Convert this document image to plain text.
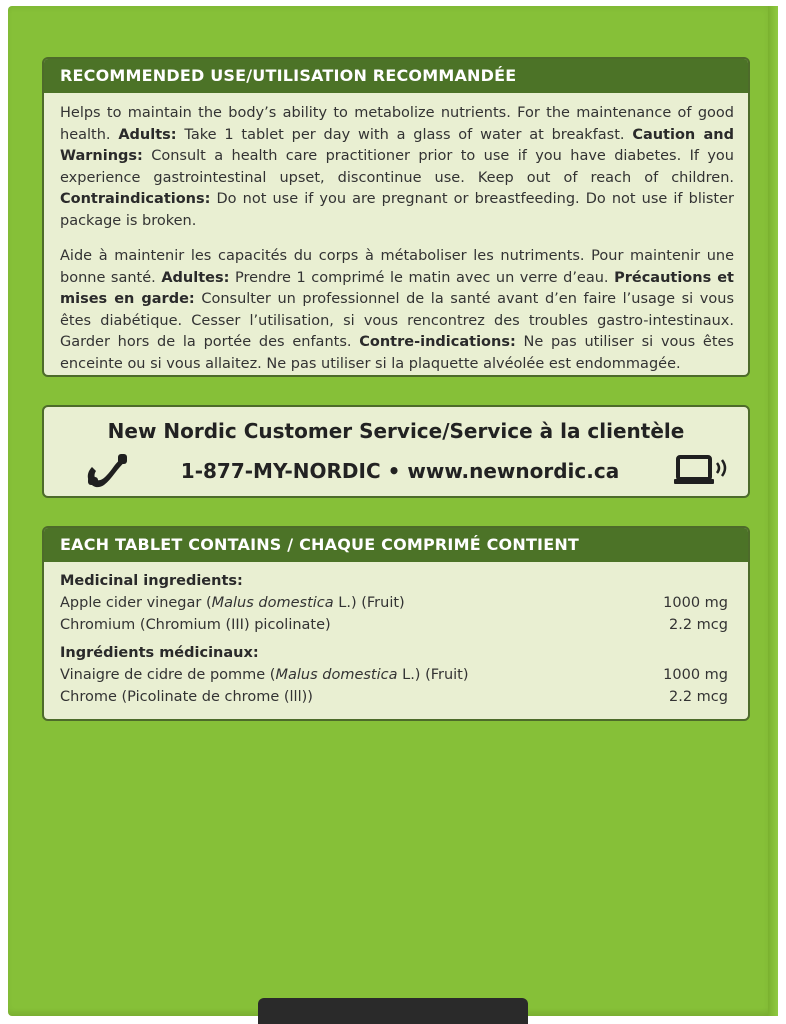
RECOMMENDED USE/UTILISATION RECOMMANDÉE

Helps to maintain the body’s ability to metabolize nutrients. For the maintenance of good health. Adults: Take 1 tablet per day with a glass of water at breakfast. Caution and Warnings: Consult a health care practitioner prior to use if you have diabetes. If you experience gastrointestinal upset, discontinue use. Keep out of reach of children. Contraindications: Do not use if you are pregnant or breastfeeding. Do not use if blister package is broken.

Aide à maintenir les capacités du corps à métaboliser les nutriments. Pour maintenir une bonne santé. Adultes: Prendre 1 comprimé le matin avec un verre d’eau. Précautions et mises en garde: Consulter un professionnel de la santé avant d’en faire l’usage si vous êtes diabétique. Cesser l’utilisation, si vous rencontrez des troubles gastro-intestinaux. Garder hors de la portée des enfants. Contre-indications: Ne pas utiliser si vous êtes enceinte ou si vous allaitez. Ne pas utiliser si la plaquette alvéolée est endommagée.

New Nordic Customer Service/Service à la clientèle
1-877-MY-NORDIC • www.newnordic.ca
EACH TABLET CONTAINS / CHAQUE COMPRIMÉ CONTIENT
Medicinal ingredients:
Apple cider vinegar (Malus domestica L.) (Fruit)	1000 mg
Chromium (Chromium (III) picolinate)	2.2 mcg
Ingrédients médicinaux:
Vinaigre de cidre de pomme (Malus domestica L.) (Fruit)	1000 mg
Chrome (Picolinate de chrome (lll))	2.2 mcg
